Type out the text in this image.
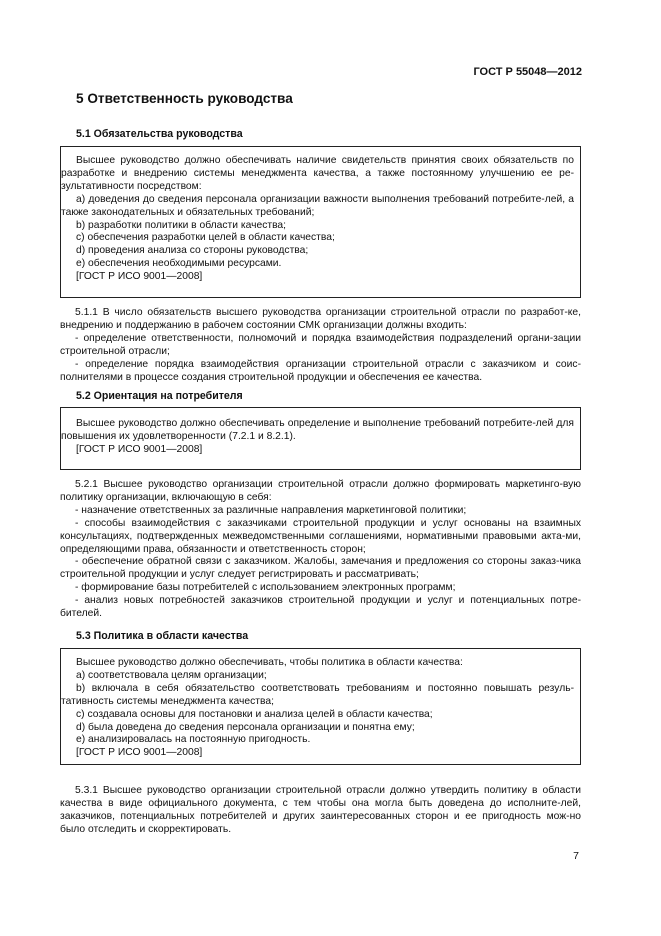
ГОСТ Р 55048—2012
5 Ответственность руководства
5.1 Обязательства руководства

Высшее руководство должно обеспечивать наличие свидетельств принятия своих обязательств по разработке и внедрению системы менеджмента качества, а также постоянному улучшению ее ре-зультативности посредством:

a) доведения до сведения персонала организации важности выполнения требований потребите-лей, а также законодательных и обязательных требований;

b) разработки политики в области качества;

c) обеспечения разработки целей в области качества;

d) проведения анализа со стороны руководства;

e) обеспечения необходимыми ресурсами.

[ГОСТ Р ИСО 9001—2008]

5.1.1 В число обязательств высшего руководства организации строительной отрасли по разработ-ке, внедрению и поддержанию в рабочем состоянии СМК организации должны входить:

- определение ответственности, полномочий и порядка взаимодействия подразделений органи-зации строительной отрасли;

- определение порядка взаимодействия организации строительной отрасли с заказчиком и соис-полнителями в процессе создания строительной продукции и обеспечения ее качества.

5.2 Ориентация на потребителя

Высшее руководство должно обеспечивать определение и выполнение требований потребите-лей для повышения их удовлетворенности (7.2.1 и 8.2.1).

[ГОСТ Р ИСО 9001—2008]

5.2.1 Высшее руководство организации строительной отрасли должно формировать маркетинго-вую политику организации, включающую в себя:

- назначение ответственных за различные направления маркетинговой политики;

- способы взаимодействия с заказчиками строительной продукции и услуг основаны на взаимных консультациях, подтвержденных межведомственными соглашениями, нормативными правовыми акта-ми, определяющими права, обязанности и ответственность сторон;

- обеспечение обратной связи с заказчиком. Жалобы, замечания и предложения со стороны заказ-чика строительной продукции и услуг следует регистрировать и рассматривать;

- формирование базы потребителей с использованием электронных программ;

- анализ новых потребностей заказчиков строительной продукции и услуг и потенциальных потре-бителей.

5.3 Политика в области качества

Высшее руководство должно обеспечивать, чтобы политика в области качества:

a) соответствовала целям организации;

b) включала в себя обязательство соответствовать требованиям и постоянно повышать резуль-тативность системы менеджмента качества;

c) создавала основы для постановки и анализа целей в области качества;

d) была доведена до сведения персонала организации и понятна ему;

e) анализировалась на постоянную пригодность.

[ГОСТ Р ИСО 9001—2008]

5.3.1 Высшее руководство организации строительной отрасли должно утвердить политику в области качества в виде официального документа, с тем чтобы она могла быть доведена до исполните-лей, заказчиков, потенциальных потребителей и других заинтересованных сторон и ее пригодность мож-но было отследить и скорректировать.

7
